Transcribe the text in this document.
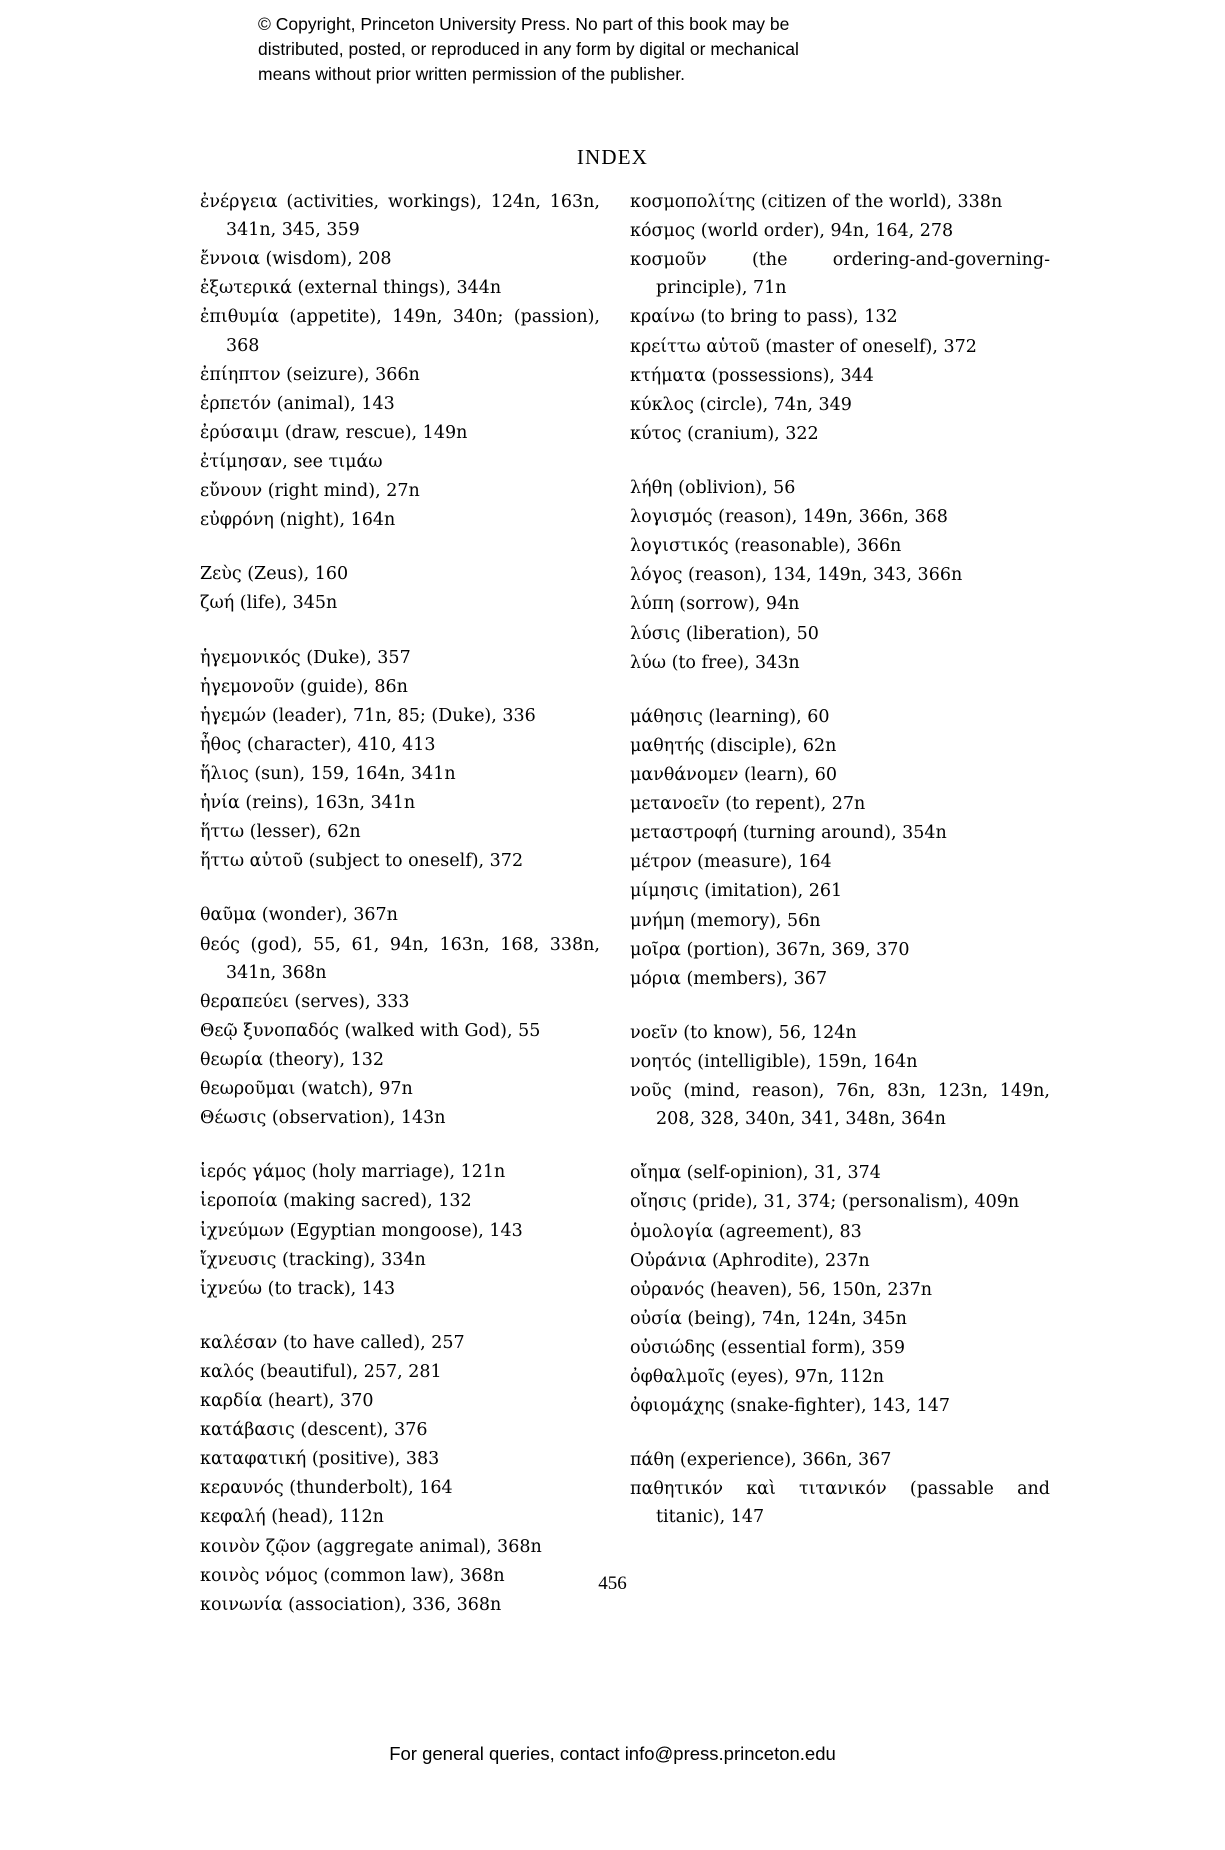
© Copyright, Princeton University Press. No part of this book may be
distributed, posted, or reproduced in any form by digital or mechanical
means without prior written permission of the publisher.
INDEX

ἐνέργεια (activities, workings), 124n, 163n, 341n, 345, 359

ἔννοια (wisdom), 208

ἐξωτερικά (external things), 344n

ἐπιθυμία (appetite), 149n, 340n; (passion), 368

ἐπίηπτον (seizure), 366n

ἑρπετόν (animal), 143

ἐρύσαιμι (draw, rescue), 149n

ἐτίμησαν, see τιμάω

εὔνουν (right mind), 27n

εὐφρόνη (night), 164n

Ζεὺς (Zeus), 160

ζωή (life), 345n

ἡγεμονικός (Duke), 357

ἡγεμονοῦν (guide), 86n

ἡγεμών (leader), 71n, 85; (Duke), 336

ἦθος (character), 410, 413

ἥλιος (sun), 159, 164n, 341n

ἡνία (reins), 163n, 341n

ἥττω (lesser), 62n

ἥττω αὑτοῦ (subject to oneself), 372

θαῦμα (wonder), 367n

θεός (god), 55, 61, 94n, 163n, 168, 338n, 341n, 368n

θεραπεύει (serves), 333

Θεῷ ξυνοπαδός (walked with God), 55

θεωρία (theory), 132

θεωροῦμαι (watch), 97n

Θέωσις (observation), 143n

ἱερός γάμος (holy marriage), 121n

ἱεροποία (making sacred), 132

ἰχνεύμων (Egyptian mongoose), 143

ἴχνευσις (tracking), 334n

ἰχνεύω (to track), 143

καλέσαν (to have called), 257

καλός (beautiful), 257, 281

καρδία (heart), 370

κατάβασις (descent), 376

καταφατική (positive), 383

κεραυνός (thunderbolt), 164

κεφαλή (head), 112n

κοινὸν ζῷον (aggregate animal), 368n

κοινὸς νόμος (common law), 368n

κοινωνία (association), 336, 368n

κοσμοπολίτης (citizen of the world), 338n

κόσμος (world order), 94n, 164, 278

κοσμοῦν (the ordering-and-governing-principle), 71n

κραίνω (to bring to pass), 132

κρείττω αὑτοῦ (master of oneself), 372

κτήματα (possessions), 344

κύκλος (circle), 74n, 349

κύτος (cranium), 322

λήθη (oblivion), 56

λογισμός (reason), 149n, 366n, 368

λογιστικός (reasonable), 366n

λόγος (reason), 134, 149n, 343, 366n

λύπη (sorrow), 94n

λύσις (liberation), 50

λύω (to free), 343n

μάθησις (learning), 60

μαθητής (disciple), 62n

μανθάνομεν (learn), 60

μετανοεῖν (to repent), 27n

μεταστροφή (turning around), 354n

μέτρον (measure), 164

μίμησις (imitation), 261

μνήμη (memory), 56n

μοῖρα (portion), 367n, 369, 370

μόρια (members), 367

νοεῖν (to know), 56, 124n

νοητός (intelligible), 159n, 164n

νοῦς (mind, reason), 76n, 83n, 123n, 149n, 208, 328, 340n, 341, 348n, 364n

οἴημα (self-opinion), 31, 374

οἴησις (pride), 31, 374; (personalism), 409n

ὁμολογία (agreement), 83

Οὐράνια (Aphrodite), 237n

οὐρανός (heaven), 56, 150n, 237n

οὐσία (being), 74n, 124n, 345n

οὐσιώδης (essential form), 359

ὀφθαλμοῖς (eyes), 97n, 112n

ὀφιομάχης (snake-fighter), 143, 147

πάθη (experience), 366n, 367

παθητικόν καὶ τιτανικόν (passable and titanic), 147

456
For general queries, contact info@press.princeton.edu
